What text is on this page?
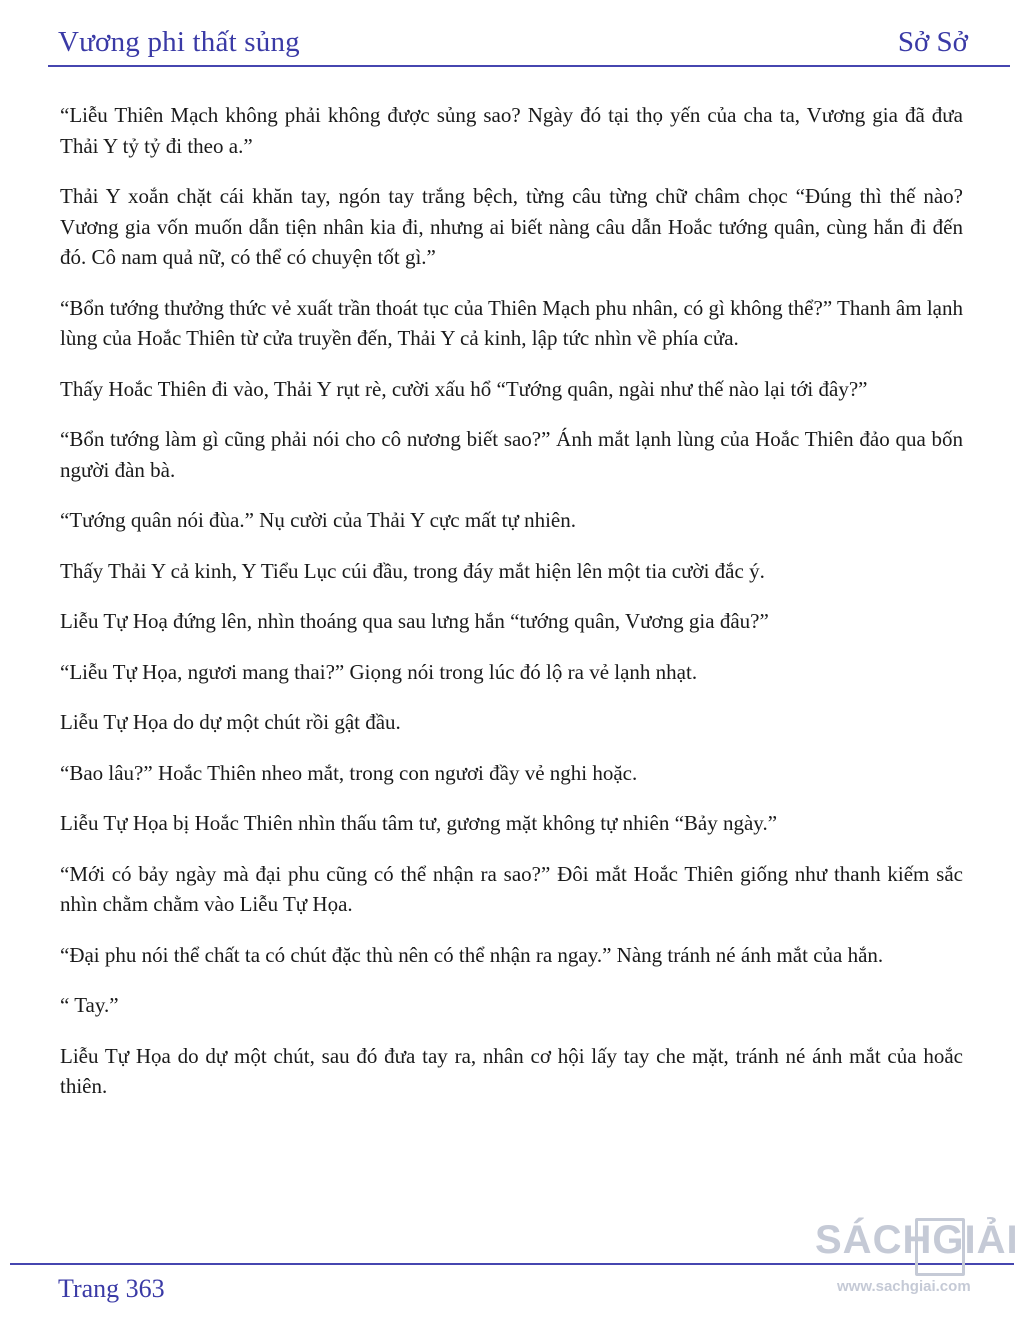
Vương phi thất sủng	Sở Sở

“Liễu Thiên Mạch không phải không được sủng sao? Ngày đó tại thọ yến của cha ta, Vương gia đã đưa Thải Y tỷ tỷ đi theo a.”

Thải Y xoắn chặt cái khăn tay, ngón tay trắng bệch, từng câu từng chữ châm chọc “Đúng thì thế nào? Vương gia vốn muốn dẫn tiện nhân kia đi, nhưng ai biết nàng câu dẫn Hoắc tướng quân, cùng hắn đi đến đó. Cô nam quả nữ, có thể có chuyện tốt gì.”

“Bổn tướng thưởng thức vẻ xuất trần thoát tục của Thiên Mạch phu nhân, có gì không thể?” Thanh âm lạnh lùng của Hoắc Thiên từ cửa truyền đến, Thải Y cả kinh, lập tức nhìn về phía cửa.

Thấy Hoắc Thiên đi vào, Thải Y rụt rè, cười xấu hổ “Tướng quân, ngài như thế nào lại tới đây?”

“Bổn tướng làm gì cũng phải nói cho cô nương biết sao?” Ánh mắt lạnh lùng của Hoắc Thiên đảo qua bốn người đàn bà.

“Tướng quân nói đùa.” Nụ cười của Thải Y cực mất tự nhiên.

Thấy Thải Y cả kinh, Y Tiểu Lục cúi đầu, trong đáy mắt hiện lên một tia cười đắc ý.

Liễu Tự Hoạ đứng lên, nhìn thoáng qua sau lưng hắn “tướng quân, Vương gia đâu?”

“Liễu Tự Họa, ngươi mang thai?” Giọng nói trong lúc đó lộ ra vẻ lạnh nhạt.

Liễu Tự Họa do dự một chút rồi gật đầu.

“Bao lâu?” Hoắc Thiên nheo mắt, trong con ngươi đầy vẻ nghi hoặc.

Liễu Tự Họa bị Hoắc Thiên nhìn thấu tâm tư, gương mặt không tự nhiên “Bảy ngày.”

“Mới có bảy ngày mà đại phu cũng có thể nhận ra sao?” Đôi mắt Hoắc Thiên giống như thanh kiếm sắc nhìn chằm chằm vào Liễu Tự Họa.

“Đại phu nói thể chất ta có chút đặc thù nên có thể nhận ra ngay.” Nàng tránh né ánh mắt của hắn.

“ Tay.”

Liễu Tự Họa do dự một chút, sau đó đưa tay ra, nhân cơ hội lấy tay che mặt, tránh né ánh mắt của hoắc thiên.

Trang 363
SÁCHGIẢI
www.sachgiai.com
